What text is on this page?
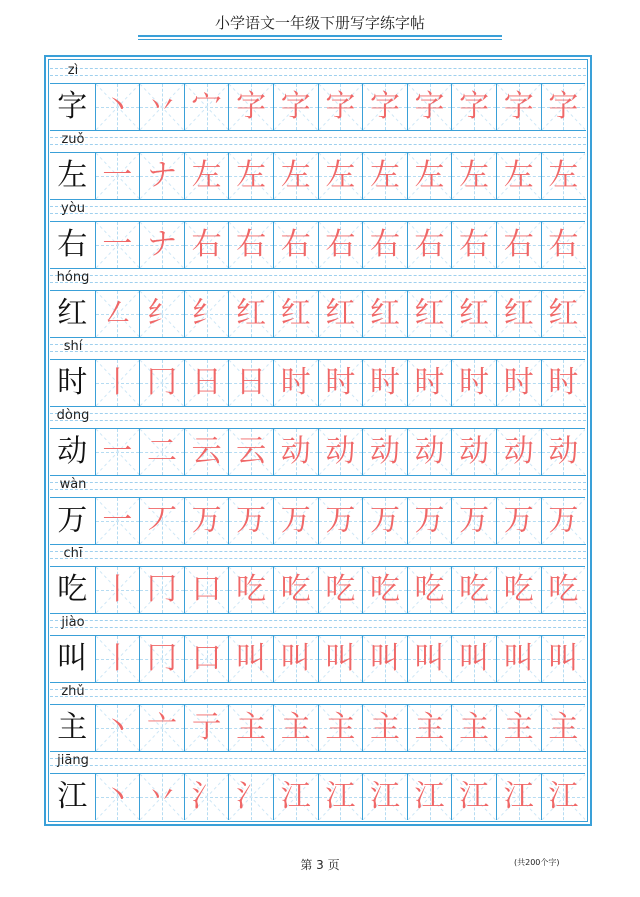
小学语文一年级下册写字练字帖
zì
字 丶 丷 宀 字 字 字 字 字 字 字 字
zuǒ
左 一 ナ 左 左 左 左 左 左 左 左 左
yòu
右 一 ナ 右 右 右 右 右 右 右 右 右
hóng
红 ㇜ 纟 纟 红 红 红 红 红 红 红 红
shí
时 丨 冂 日 日 时 时 时 时 时 时 时
dòng
动 一 二 云 云 动 动 动 动 动 动 动
wàn
万 一 丆 万 万 万 万 万 万 万 万 万
chī
吃 丨 冂 口 吃 吃 吃 吃 吃 吃 吃 吃
jiào
叫 丨 冂 口 叫 叫 叫 叫 叫 叫 叫 叫
zhǔ
主 丶 亠 亍 主 主 主 主 主 主 主 主
jiāng
江 丶 丷 氵 氵 江 江 江 江 江 江 江
第 3 页	(共200个字)
